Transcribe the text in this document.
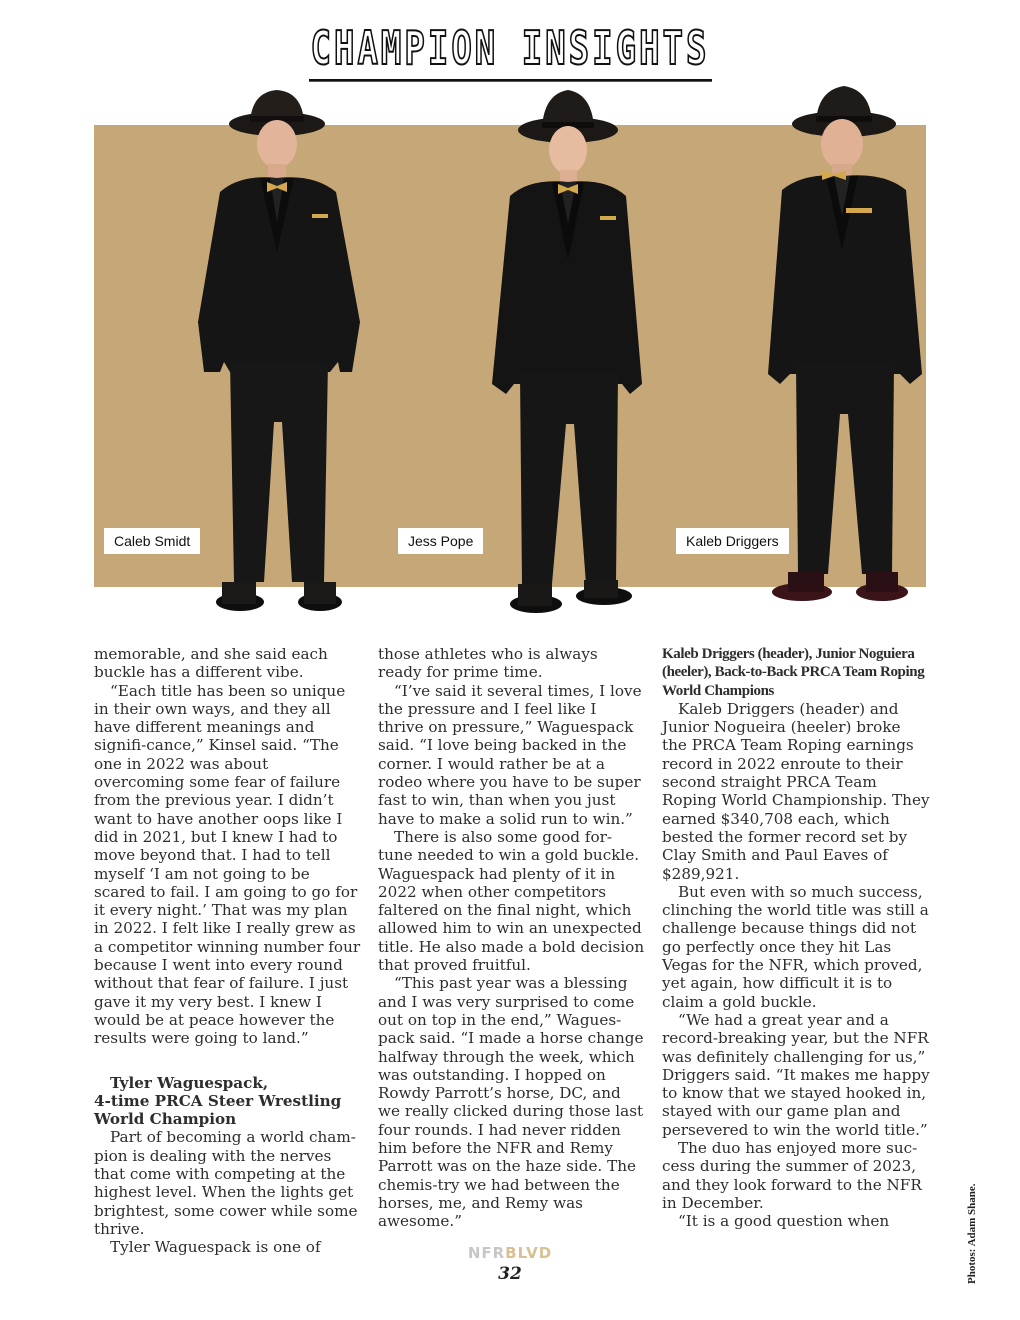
CHAMPION INSIGHTS
Caleb Smidt	Jess Pope	Kaleb Driggers

memorable, and she said each buckle has a different vibe.

“Each title has been so unique in their own ways, and they all have different meanings and signifi-cance,” Kinsel said. “The one in 2022 was about overcoming some fear of failure from the previous year. I didn’t want to have another oops like I did in 2021, but I knew I had to move beyond that. I had to tell myself ‘I am not going to be scared to fail. I am going to go for it every night.’ That was my plan in 2022. I felt like I really grew as a competitor winning number four because I went into every round without that fear of failure. I just gave it my very best. I knew I would be at peace however the results were going to land.”

Tyler Waguespack,
4-time PRCA Steer Wrestling World Champion

Part of becoming a world cham-pion is dealing with the nerves that come with competing at the highest level. When the lights get brightest, some cower while some thrive.

Tyler Waguespack is one of

those athletes who is always ready for prime time.

“I’ve said it several times, I love the pressure and I feel like I thrive on pressure,” Waguespack said. “I love being backed in the corner. I would rather be at a rodeo where you have to be super fast to win, than when you just have to make a solid run to win.”

There is also some good for-tune needed to win a gold buckle. Waguespack had plenty of it in 2022 when other competitors faltered on the final night, which allowed him to win an unexpected title. He also made a bold decision that proved fruitful.

“This past year was a blessing and I was very surprised to come out on top in the end,” Wagues-pack said. “I made a horse change halfway through the week, which was outstanding. I hopped on Rowdy Parrott’s horse, DC, and we really clicked during those last four rounds. I had never ridden him before the NFR and Remy Parrott was on the haze side. The chemis-try we had between the horses, me, and Remy was awesome.”

Kaleb Driggers (header), Junior Noguiera (heeler), Back-to-Back PRCA Team Roping World Champions

Kaleb Driggers (header) and Junior Nogueira (heeler) broke the PRCA Team Roping earnings record in 2022 enroute to their second straight PRCA Team Roping World Championship. They earned $340,708 each, which bested the former record set by Clay Smith and Paul Eaves of $289,921.

But even with so much success, clinching the world title was still a challenge because things did not go perfectly once they hit Las Vegas for the NFR, which proved, yet again, how difficult it is to claim a gold buckle.

“We had a great year and a record-breaking year, but the NFR was definitely challenging for us,” Driggers said. “It makes me happy to know that we stayed hooked in, stayed with our game plan and persevered to win the world title.”

The duo has enjoyed more suc-cess during the summer of 2023, and they look forward to the NFR in December.

“It is a good question when

NFRBLVD
32	Photos: Adam Shane.
